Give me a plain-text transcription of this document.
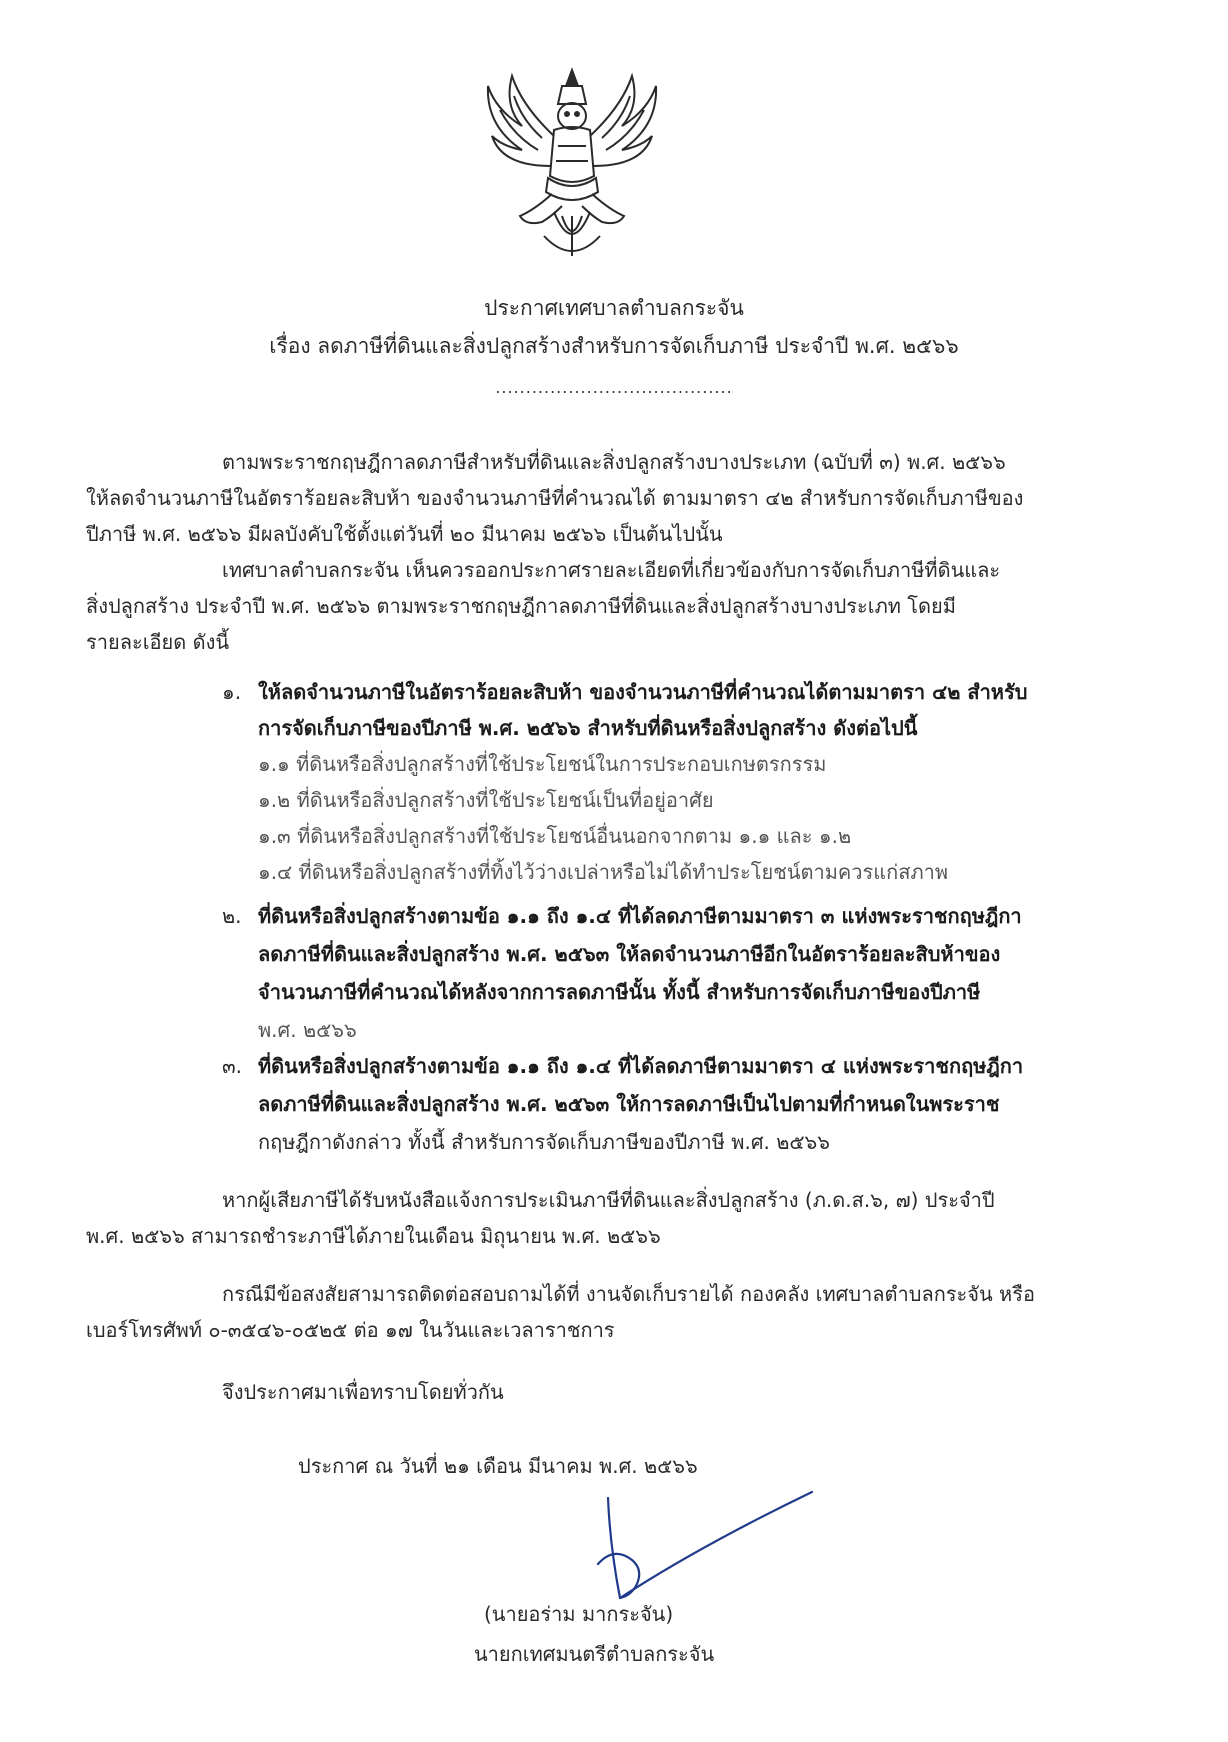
ประกาศเทศบาลตำบลกระจัน
เรื่อง ลดภาษีที่ดินและสิ่งปลูกสร้างสำหรับการจัดเก็บภาษี ประจำปี พ.ศ. ๒๕๖๖
.......................................
ตามพระราชกฤษฎีกาลดภาษีสำหรับที่ดินและสิ่งปลูกสร้างบางประเภท (ฉบับที่ ๓) พ.ศ. ๒๕๖๖
ให้ลดจำนวนภาษีในอัตราร้อยละสิบห้า ของจำนวนภาษีที่คำนวณได้ ตามมาตรา ๔๒ สำหรับการจัดเก็บภาษีของ
ปีภาษี พ.ศ. ๒๕๖๖ มีผลบังคับใช้ตั้งแต่วันที่ ๒๐ มีนาคม ๒๕๖๖ เป็นต้นไปนั้น
เทศบาลตำบลกระจัน เห็นควรออกประกาศรายละเอียดที่เกี่ยวข้องกับการจัดเก็บภาษีที่ดินและ
สิ่งปลูกสร้าง ประจำปี พ.ศ. ๒๕๖๖ ตามพระราชกฤษฎีกาลดภาษีที่ดินและสิ่งปลูกสร้างบางประเภท โดยมี
รายละเอียด ดังนี้
๑. ให้ลดจำนวนภาษีในอัตราร้อยละสิบห้า ของจำนวนภาษีที่คำนวณได้ตามมาตรา ๔๒ สำหรับ
การจัดเก็บภาษีของปีภาษี พ.ศ. ๒๕๖๖ สำหรับที่ดินหรือสิ่งปลูกสร้าง ดังต่อไปนี้
๑.๑ ที่ดินหรือสิ่งปลูกสร้างที่ใช้ประโยชน์ในการประกอบเกษตรกรรม
๑.๒ ที่ดินหรือสิ่งปลูกสร้างที่ใช้ประโยชน์เป็นที่อยู่อาศัย
๑.๓ ที่ดินหรือสิ่งปลูกสร้างที่ใช้ประโยชน์อื่นนอกจากตาม ๑.๑ และ ๑.๒
๑.๔ ที่ดินหรือสิ่งปลูกสร้างที่ทิ้งไว้ว่างเปล่าหรือไม่ได้ทำประโยชน์ตามควรแก่สภาพ
๒. ที่ดินหรือสิ่งปลูกสร้างตามข้อ ๑.๑ ถึง ๑.๔ ที่ได้ลดภาษีตามมาตรา ๓ แห่งพระราชกฤษฎีกา
ลดภาษีที่ดินและสิ่งปลูกสร้าง พ.ศ. ๒๕๖๓ ให้ลดจำนวนภาษีอีกในอัตราร้อยละสิบห้าของ
จำนวนภาษีที่คำนวณได้หลังจากการลดภาษีนั้น ทั้งนี้ สำหรับการจัดเก็บภาษีของปีภาษี
พ.ศ. ๒๕๖๖
๓. ที่ดินหรือสิ่งปลูกสร้างตามข้อ ๑.๑ ถึง ๑.๔ ที่ได้ลดภาษีตามมาตรา ๔ แห่งพระราชกฤษฎีกา
ลดภาษีที่ดินและสิ่งปลูกสร้าง พ.ศ. ๒๕๖๓ ให้การลดภาษีเป็นไปตามที่กำหนดในพระราช
กฤษฎีกาดังกล่าว ทั้งนี้ สำหรับการจัดเก็บภาษีของปีภาษี พ.ศ. ๒๕๖๖
หากผู้เสียภาษีได้รับหนังสือแจ้งการประเมินภาษีที่ดินและสิ่งปลูกสร้าง (ภ.ด.ส.๖, ๗) ประจำปี
พ.ศ. ๒๕๖๖ สามารถชำระภาษีได้ภายในเดือน มิถุนายน พ.ศ. ๒๕๖๖
กรณีมีข้อสงสัยสามารถติดต่อสอบถามได้ที่ งานจัดเก็บรายได้ กองคลัง เทศบาลตำบลกระจัน หรือ
เบอร์โทรศัพท์ ๐-๓๕๔๖-๐๕๒๕ ต่อ ๑๗ ในวันและเวลาราชการ
จึงประกาศมาเพื่อทราบโดยทั่วกัน
ประกาศ ณ วันที่ ๒๑ เดือน มีนาคม พ.ศ. ๒๕๖๖
(นายอร่าม มากระจัน)
นายกเทศมนตรีตำบลกระจัน
